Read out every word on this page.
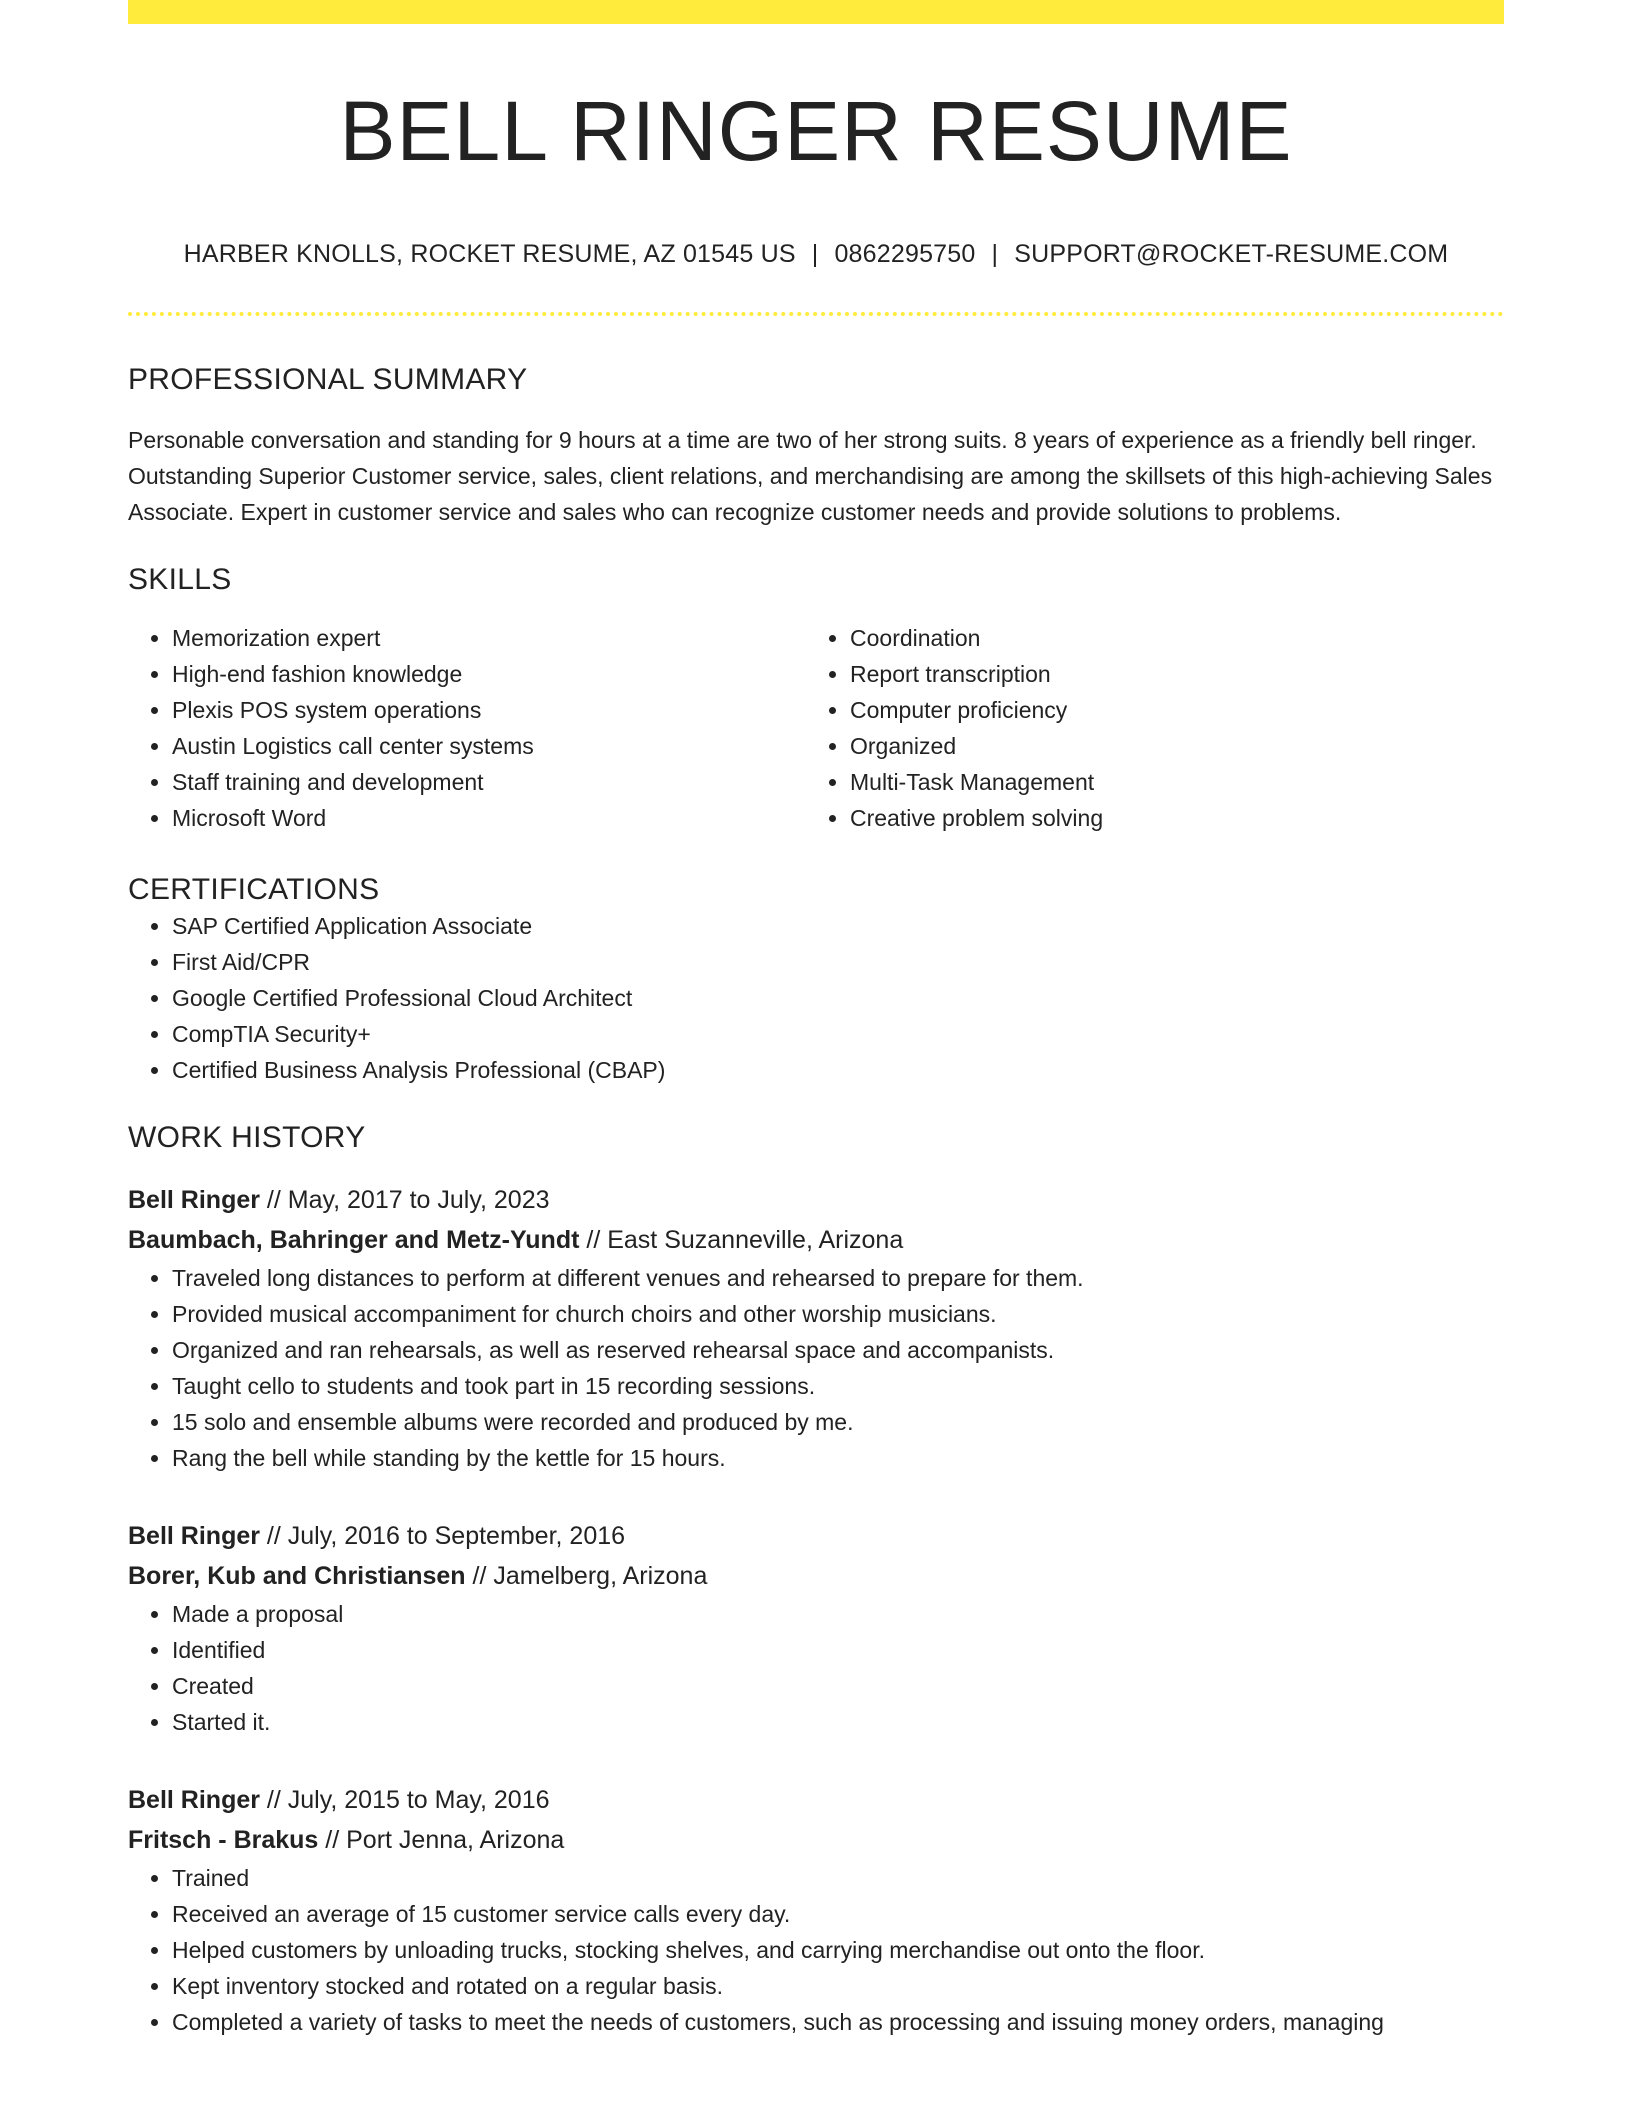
BELL RINGER RESUME
HARBER KNOLLS, ROCKET RESUME, AZ 01545 US | 0862295750 | SUPPORT@ROCKET-RESUME.COM
PROFESSIONAL SUMMARY

Personable conversation and standing for 9 hours at a time are two of her strong suits. 8 years of experience as a friendly bell ringer. Outstanding Superior Customer service, sales, client relations, and merchandising are among the skillsets of this high-achieving Sales Associate. Expert in customer service and sales who can recognize customer needs and provide solutions to problems.

SKILLS
• Memorization expert
• High-end fashion knowledge
• Plexis POS system operations
• Austin Logistics call center systems
• Staff training and development
• Microsoft Word
• Coordination
• Report transcription
• Computer proficiency
• Organized
• Multi-Task Management
• Creative problem solving
CERTIFICATIONS
• SAP Certified Application Associate
• First Aid/CPR
• Google Certified Professional Cloud Architect
• CompTIA Security+
• Certified Business Analysis Professional (CBAP)
WORK HISTORY
Bell Ringer // May, 2017 to July, 2023
Baumbach, Bahringer and Metz-Yundt // East Suzanneville, Arizona
• Traveled long distances to perform at different venues and rehearsed to prepare for them.
• Provided musical accompaniment for church choirs and other worship musicians.
• Organized and ran rehearsals, as well as reserved rehearsal space and accompanists.
• Taught cello to students and took part in 15 recording sessions.
• 15 solo and ensemble albums were recorded and produced by me.
• Rang the bell while standing by the kettle for 15 hours.
Bell Ringer // July, 2016 to September, 2016
Borer, Kub and Christiansen // Jamelberg, Arizona
• Made a proposal
• Identified
• Created
• Started it.
Bell Ringer // July, 2015 to May, 2016
Fritsch - Brakus // Port Jenna, Arizona
• Trained
• Received an average of 15 customer service calls every day.
• Helped customers by unloading trucks, stocking shelves, and carrying merchandise out onto the floor.
• Kept inventory stocked and rotated on a regular basis.
• Completed a variety of tasks to meet the needs of customers, such as processing and issuing money orders, managing
